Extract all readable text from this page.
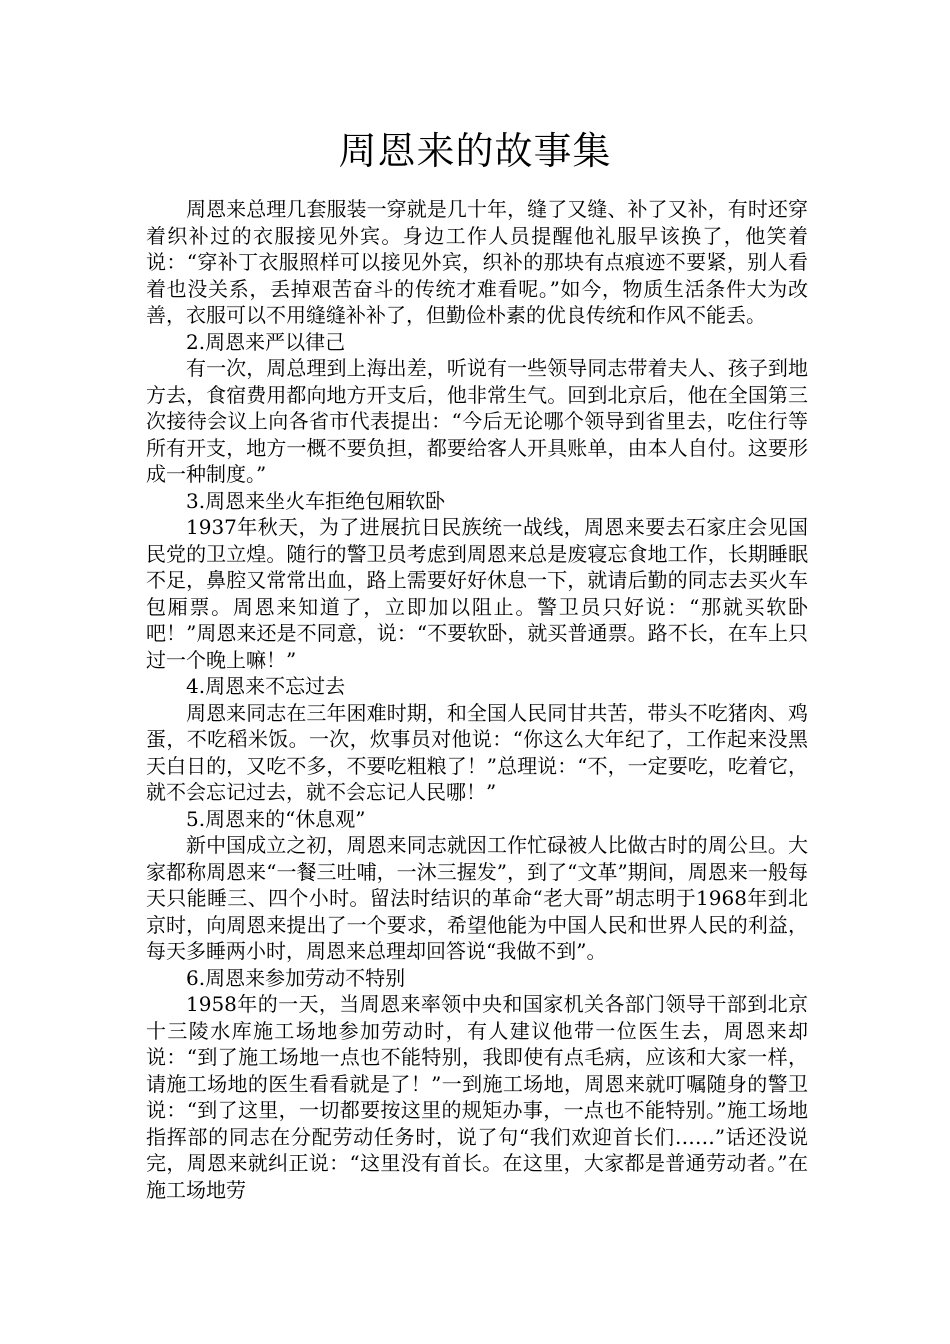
周恩来的故事集

周恩来总理几套服装一穿就是几十年，缝了又缝、补了又补，有时还穿着织补过的衣服接见外宾。身边工作人员提醒他礼服早该换了，他笑着说：“穿补丁衣服照样可以接见外宾，织补的那块有点痕迹不要紧，别人看着也没关系，丢掉艰苦奋斗的传统才难看呢。”如今，物质生活条件大为改善，衣服可以不用缝缝补补了，但勤俭朴素的优良传统和作风不能丢。

2.周恩来严以律己

有一次，周总理到上海出差，听说有一些领导同志带着夫人、孩子到地方去，食宿费用都向地方开支后，他非常生气。回到北京后，他在全国第三次接待会议上向各省市代表提出：“今后无论哪个领导到省里去，吃住行等所有开支，地方一概不要负担，都要给客人开具账单，由本人自付。这要形成一种制度。”

3.周恩来坐火车拒绝包厢软卧

1937年秋天，为了进展抗日民族统一战线，周恩来要去石家庄会见国民党的卫立煌。随行的警卫员考虑到周恩来总是废寝忘食地工作，长期睡眠不足，鼻腔又常常出血，路上需要好好休息一下，就请后勤的同志去买火车包厢票。周恩来知道了，立即加以阻止。警卫员只好说：“那就买软卧吧！”周恩来还是不同意，说：“不要软卧，就买普通票。路不长，在车上只过一个晚上嘛！”

4.周恩来不忘过去

周恩来同志在三年困难时期，和全国人民同甘共苦，带头不吃猪肉、鸡蛋，不吃稻米饭。一次，炊事员对他说：“你这么大年纪了，工作起来没黑天白日的，又吃不多，不要吃粗粮了！”总理说：“不，一定要吃，吃着它，就不会忘记过去，就不会忘记人民哪！”

5.周恩来的“休息观”

新中国成立之初，周恩来同志就因工作忙碌被人比做古时的周公旦。大家都称周恩来“一餐三吐哺，一沐三握发”，到了“文革”期间，周恩来一般每天只能睡三、四个小时。留法时结识的革命“老大哥”胡志明于1968年到北京时，向周恩来提出了一个要求，希望他能为中国人民和世界人民的利益，每天多睡两小时，周恩来总理却回答说“我做不到”。

6.周恩来参加劳动不特别

1958年的一天，当周恩来率领中央和国家机关各部门领导干部到北京十三陵水库施工场地参加劳动时，有人建议他带一位医生去，周恩来却说：“到了施工场地一点也不能特别，我即使有点毛病，应该和大家一样，请施工场地的医生看看就是了！”一到施工场地，周恩来就叮嘱随身的警卫说：“到了这里，一切都要按这里的规矩办事，一点也不能特别。”施工场地指挥部的同志在分配劳动任务时，说了句“我们欢迎首长们……”话还没说完，周恩来就纠正说：“这里没有首长。在这里，大家都是普通劳动者。”在施工场地劳
